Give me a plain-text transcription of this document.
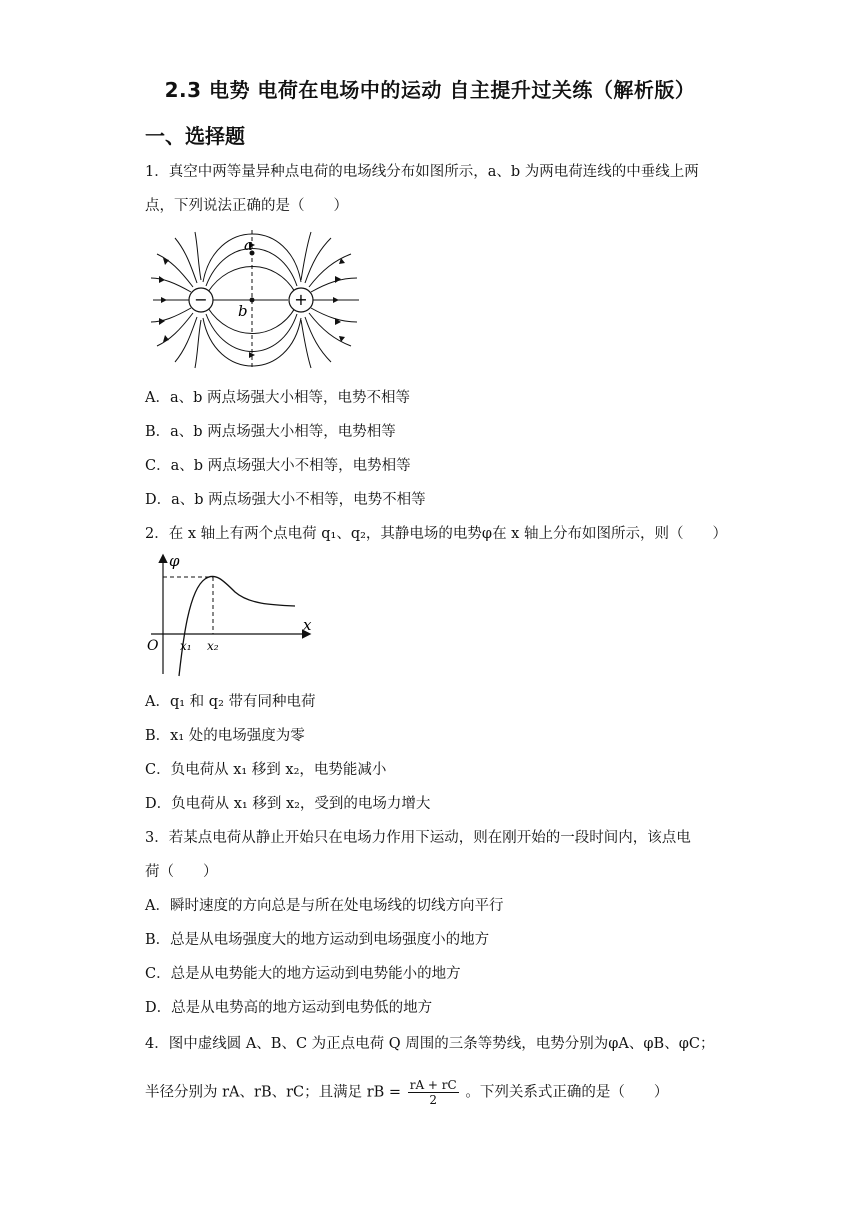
2.3 电势 电荷在电场中的运动 自主提升过关练（解析版）
一、选择题
1．真空中两等量异种点电荷的电场线分布如图所示，a、b 为两电荷连线的中垂线上两
点，下列说法正确的是（　　）
−	+
a
b
A．a、b 两点场强大小相等，电势不相等
B．a、b 两点场强大小相等，电势相等
C．a、b 两点场强大小不相等，电势相等
D．a、b 两点场强大小不相等，电势不相等
2．在 x 轴上有两个点电荷 q₁、q₂，其静电场的电势φ在 x 轴上分布如图所示，则（　　）
φ
x
O x₁ x₂
A．q₁ 和 q₂ 带有同种电荷
B．x₁ 处的电场强度为零
C．负电荷从 x₁ 移到 x₂，电势能减小
D．负电荷从 x₁ 移到 x₂，受到的电场力增大
3．若某点电荷从静止开始只在电场力作用下运动，则在刚开始的一段时间内，该点电
荷（　　）
A．瞬时速度的方向总是与所在处电场线的切线方向平行
B．总是从电场强度大的地方运动到电场强度小的地方
C．总是从电势能大的地方运动到电势能小的地方
D．总是从电势高的地方运动到电势低的地方
4．图中虚线圆 A、B、C 为正点电荷 Q 周围的三条等势线，电势分别为φA、φB、φC；
半径分别为 rA、rB、rC；且满足 rB = $\frac{rA + rC}{2}$ 。下列关系式正确的是（　　）
